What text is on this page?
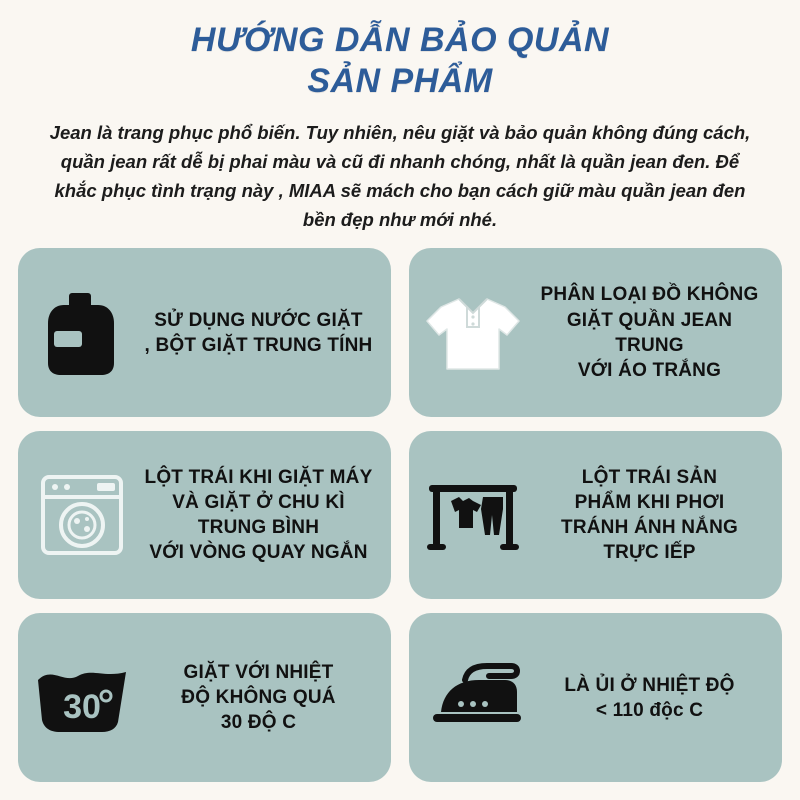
HƯỚNG DẪN BẢO QUẢN
SẢN PHẨM
Jean là trang phục phổ biến. Tuy nhiên, nêu giặt và bảo quản không đúng cách, quần jean rất dễ bị phai màu và cũ đi nhanh chóng, nhất là quần jean đen. Để khắc phục tình trạng này , MIAA sẽ mách cho bạn cách giữ màu quần jean đen bền đẹp như mới nhé.
SỬ DỤNG NƯỚC GIẶT
, BỘT GIẶT TRUNG TÍNH
PHÂN LOẠI ĐỒ KHÔNG
GIẶT QUẦN JEAN TRUNG
VỚI ÁO TRẮNG
LỘT TRÁI KHI GIẶT MÁY
VÀ GIẶT Ở CHU KÌ
TRUNG BÌNH
VỚI VÒNG QUAY NGẮN
LỘT TRÁI SẢN
PHẨM KHI PHƠI
TRÁNH ÁNH NẮNG
TRỰC IẾP
30
GIẶT VỚI NHIỆT
ĐỘ KHÔNG QUÁ
30 ĐỘ C
LÀ ỦI Ở NHIỆT ĐỘ
< 110 độc C
